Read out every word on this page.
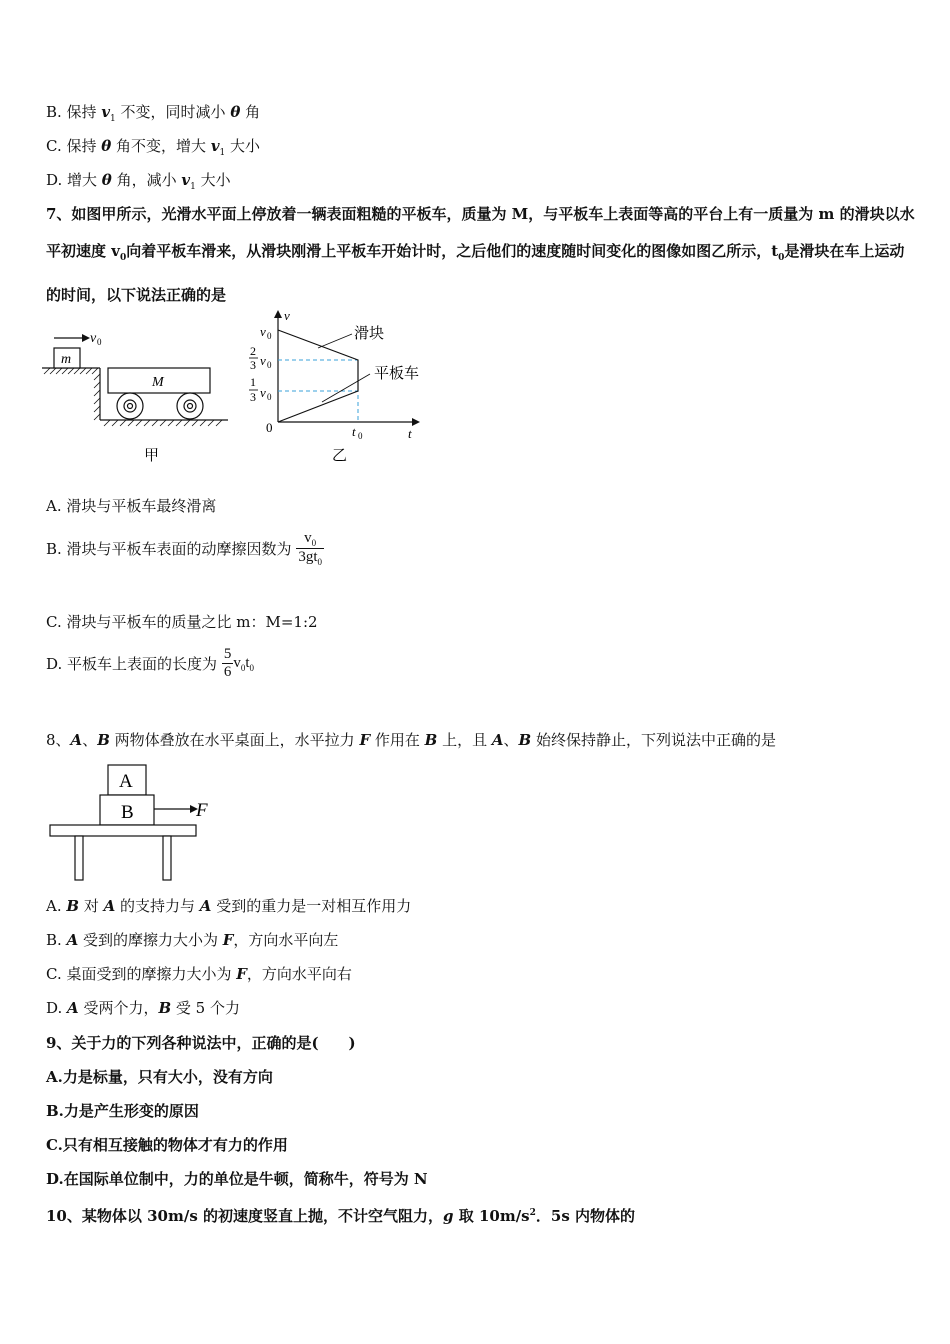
B. 保持 $v_1$ 不变，同时减小 θ 角
C. 保持 θ 角不变，增大 $v_1$ 大小
D. 增大 θ 角，减小 $v_1$ 大小
7、如图甲所示，光滑水平面上停放着一辆表面粗糙的平板车，质量为 M，与平板车上表面等高的平台上有一质量为 m 的滑块以水平初速度 $v_0$向着平板车滑来，从滑块刚滑上平板车开始计时，之后他们的速度随时间变化的图像如图乙所示，$t_0$是滑块在车上运动的时间，以下说法正确的是
v 0
m
M
甲
v
t
0
v 0
2
3 v 0
1
3 v 0
t 0
滑块
平板车
乙
A. 滑块与平板车最终滑离
B. 滑块与平板车表面的动摩擦因数为 $\frac{v_0}{3gt_0}$
C. 滑块与平板车的质量之比 m：M=1:2
D. 平板车上表面的长度为 $\frac{5}{6} v_0t_0$
8、A、B 两物体叠放在水平桌面上，水平拉力 F 作用在 B 上，且 A、B 始终保持静止，下列说法中正确的是
A
B	F
A. B 对 A 的支持力与 A 受到的重力是一对相互作用力
B. A 受到的摩擦力大小为 F，方向水平向左
C. 桌面受到的摩擦力大小为 F，方向水平向右
D. A 受两个力，B 受 5 个力
9、关于力的下列各种说法中，正确的是(　　)
A.力是标量，只有大小，没有方向
B.力是产生形变的原因
C.只有相互接触的物体才有力的作用
D.在国际单位制中，力的单位是牛顿，简称牛，符号为 N
10、某物体以 30m/s 的初速度竖直上抛，不计空气阻力，g 取 $10m/s^2$．5s 内物体的
